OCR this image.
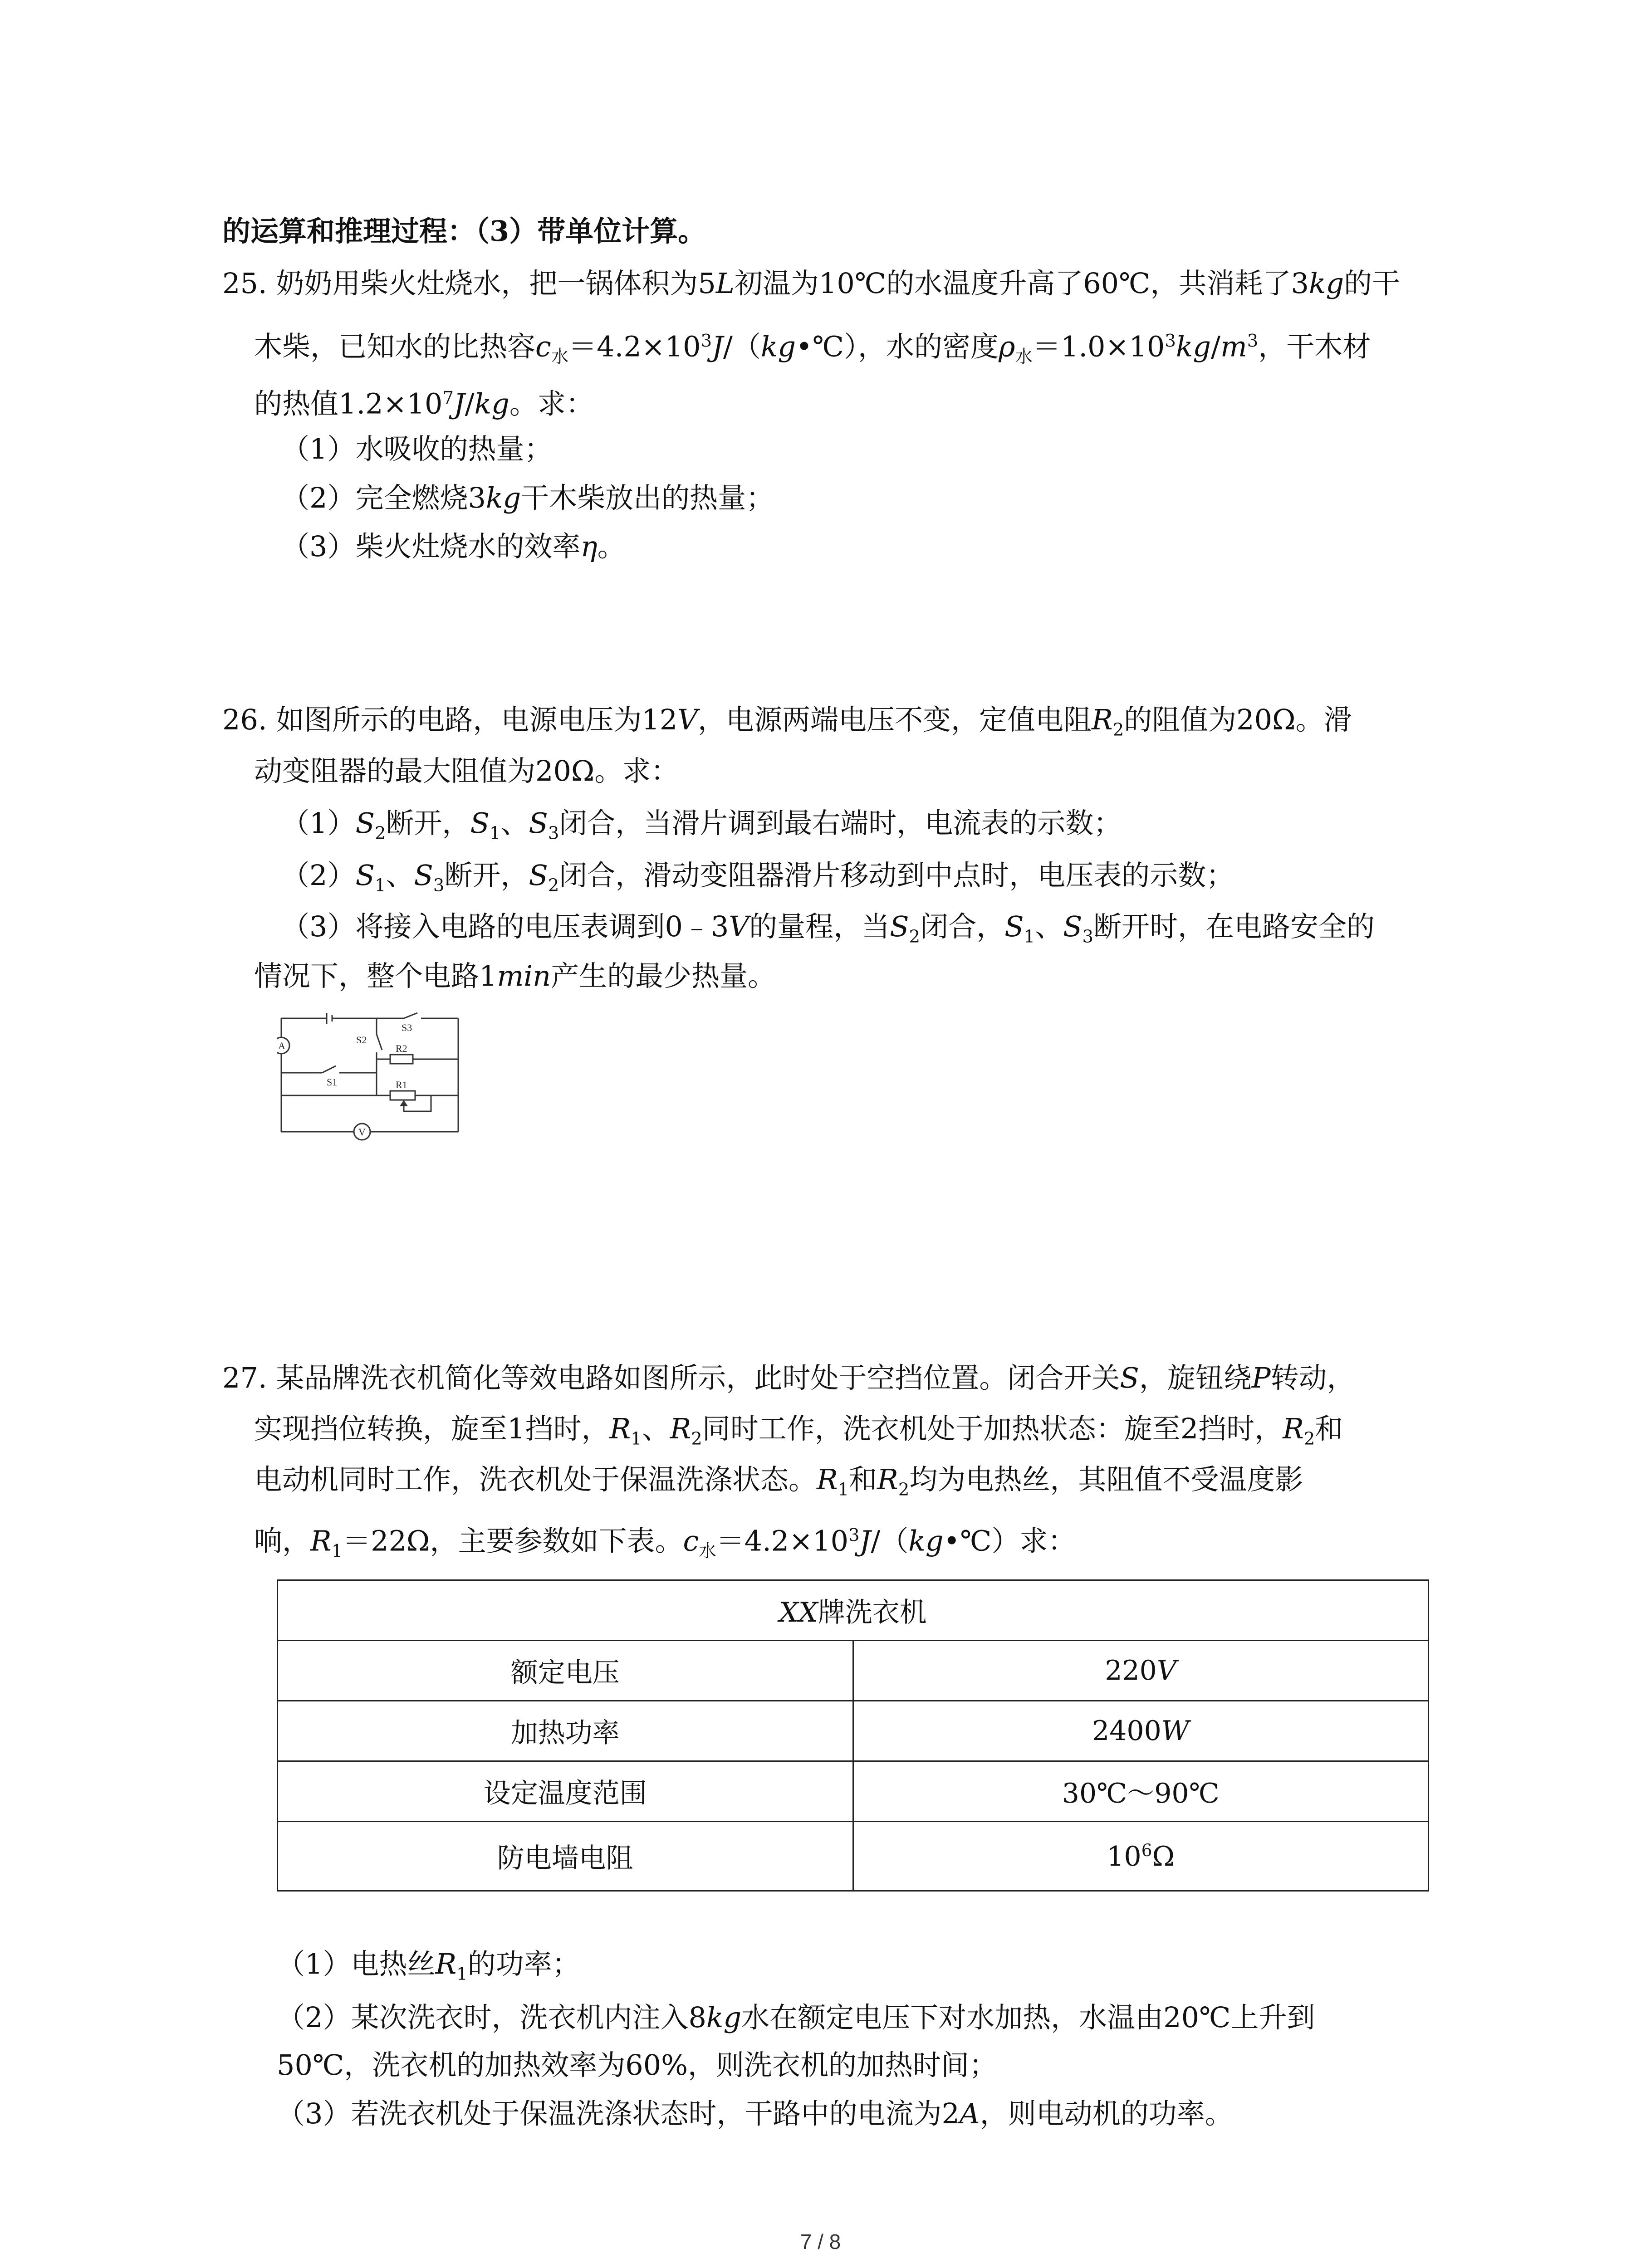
的运算和推理过程：（3）带单位计算。
25. 奶奶用柴火灶烧水，把一锅体积为5L初温为10℃的水温度升高了60℃，共消耗了3kg的干
木柴，已知水的比热容$c_水=4.2\times 10^3J/(kg•℃)$，水的密度$\rho_水=1.0\times 10^3kg/m^3$，干木材
的热值$1.2\times 10^7J/kg$。求：
（1）水吸收的热量；
（2）完全燃烧3kg干木柴放出的热量；
（3）柴火灶烧水的效率η。
26. 如图所示的电路，电源电压为12V，电源两端电压不变，定值电阻$R_2$的阻值为20Ω。滑
动变阻器的最大阻值为20Ω。求：
$(1)S_2$断开，$S_1$、$S_3$闭合，当滑片调到最右端时，电流表的示数；
$(2)S_1$、$S_3$断开，$S_2$闭合，滑动变阻器滑片移动到中点时，电压表的示数；
（3）将接入电路的电压表调到0﹣3V的量程，当$S_2$闭合，$S_1$、$S_3$断开时，在电路安全的
情况下，整个电路1min产生的最少热量。
A
V
S1
S2
S3
R2
R1
27. 某品牌洗衣机简化等效电路如图所示，此时处于空挡位置。闭合开关S，旋钮绕P转动，
实现挡位转换，旋至1挡时，$R_1$、$R_2$同时工作，洗衣机处于加热状态：旋至2挡时，$R_2$和
电动机同时工作，洗衣机处于保温洗涤状态。$R_1$和$R_2$均为电热丝，其阻值不受温度影
响，$R_1=22\Omega$，主要参数如下表。$c_水=4.2\times 10^3J/(kg•℃)$求：
XX牌洗衣机	
额定电压	220V
加热功率	2400W
设定温度范围	30℃～90℃
防电墙电阻	$10^6\Omega$
（1）电热丝$R_1$的功率；
（2）某次洗衣时，洗衣机内注入8kg水在额定电压下对水加热，水温由20℃上升到
50℃，洗衣机的加热效率为60%，则洗衣机的加热时间；
（3）若洗衣机处于保温洗涤状态时，干路中的电流为2A，则电动机的功率。
7 / 8
